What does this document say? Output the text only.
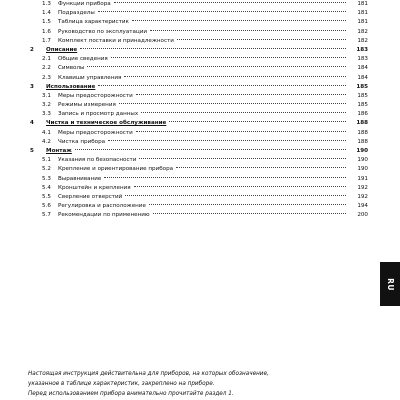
1.3	Функции прибора	181
1.4	Подразделы	181
1.5	Таблица характеристик	181
1.6	Руководство по эксплуатации	182
1.7	Комплект поставки и принадлежности	182
2	Описание	183
2.1	Общие сведения	183
2.2	Символы	184
2.3	Клавиши управления	184
3	Использование	185
3.1	Меры предосторожности	185
3.2	Режимы измерения	185
3.3	Запись и просмотр данных	186
4	Чистка и техническое обслуживание	188
4.1	Меры предосторожности	188
4.2	Чистка прибора	188
5	Монтаж	190
5.1	Указания по безопасности	190
5.2	Крепление и ориентирование прибора	190
5.3	Выравнивание	191
5.4	Кронштейн и крепления	192
5.5	Сверление отверстий	192
5.6	Регулировка и расположение	194
5.7	Рекомендации по применению	200
RU
Настоящая инструкция действительна для приборов, на которых обозначение,
указанное в таблице характеристик, закреплено на приборе.
Перед использованием прибора внимательно прочитайте раздел 1.
